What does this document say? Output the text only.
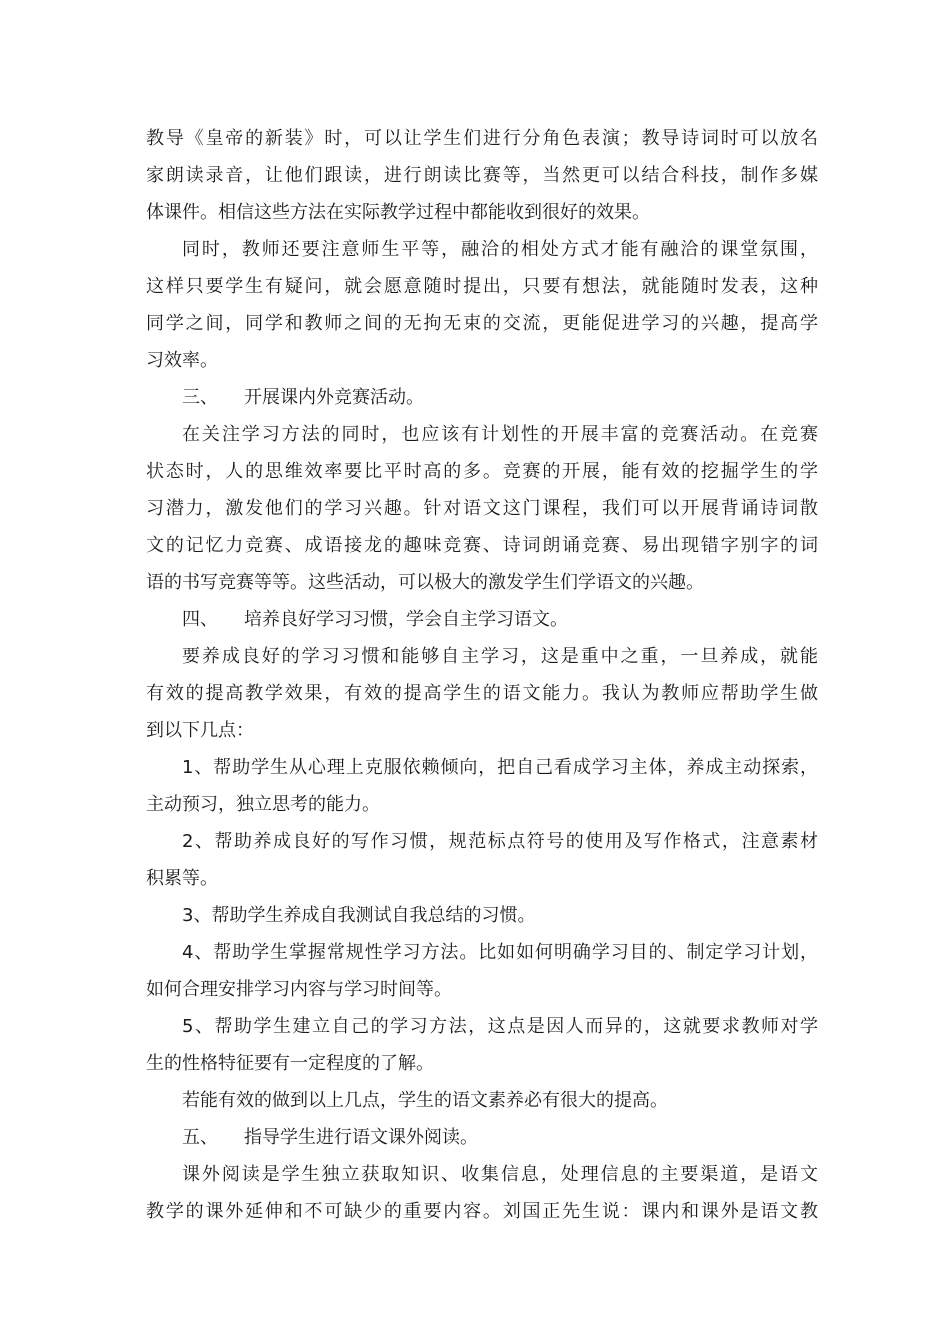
教导《皇帝的新装》时，可以让学生们进行分角色表演；教导诗词时可以放名
家朗读录音，让他们跟读，进行朗读比赛等，当然更可以结合科技，制作多媒
体课件。相信这些方法在实际教学过程中都能收到很好的效果。
同时，教师还要注意师生平等，融洽的相处方式才能有融洽的课堂氛围，
这样只要学生有疑问，就会愿意随时提出，只要有想法，就能随时发表，这种
同学之间，同学和教师之间的无拘无束的交流，更能促进学习的兴趣，提高学
习效率。
三、 开展课内外竞赛活动。
在关注学习方法的同时，也应该有计划性的开展丰富的竞赛活动。在竞赛
状态时，人的思维效率要比平时高的多。竞赛的开展，能有效的挖掘学生的学
习潜力，激发他们的学习兴趣。针对语文这门课程，我们可以开展背诵诗词散
文的记忆力竞赛、成语接龙的趣味竞赛、诗词朗诵竞赛、易出现错字别字的词
语的书写竞赛等等。这些活动，可以极大的激发学生们学语文的兴趣。
四、 培养良好学习习惯，学会自主学习语文。
要养成良好的学习习惯和能够自主学习，这是重中之重，一旦养成，就能
有效的提高教学效果，有效的提高学生的语文能力。我认为教师应帮助学生做
到以下几点：
1、帮助学生从心理上克服依赖倾向，把自己看成学习主体，养成主动探索，
主动预习，独立思考的能力。
2、帮助养成良好的写作习惯，规范标点符号的使用及写作格式，注意素材
积累等。
3、帮助学生养成自我测试自我总结的习惯。
4、帮助学生掌握常规性学习方法。比如如何明确学习目的、制定学习计划，
如何合理安排学习内容与学习时间等。
5、帮助学生建立自己的学习方法，这点是因人而异的，这就要求教师对学
生的性格特征要有一定程度的了解。
若能有效的做到以上几点，学生的语文素养必有很大的提高。
五、 指导学生进行语文课外阅读。
课外阅读是学生独立获取知识、收集信息，处理信息的主要渠道，是语文
教学的课外延伸和不可缺少的重要内容。刘国正先生说：课内和课外是语文教
